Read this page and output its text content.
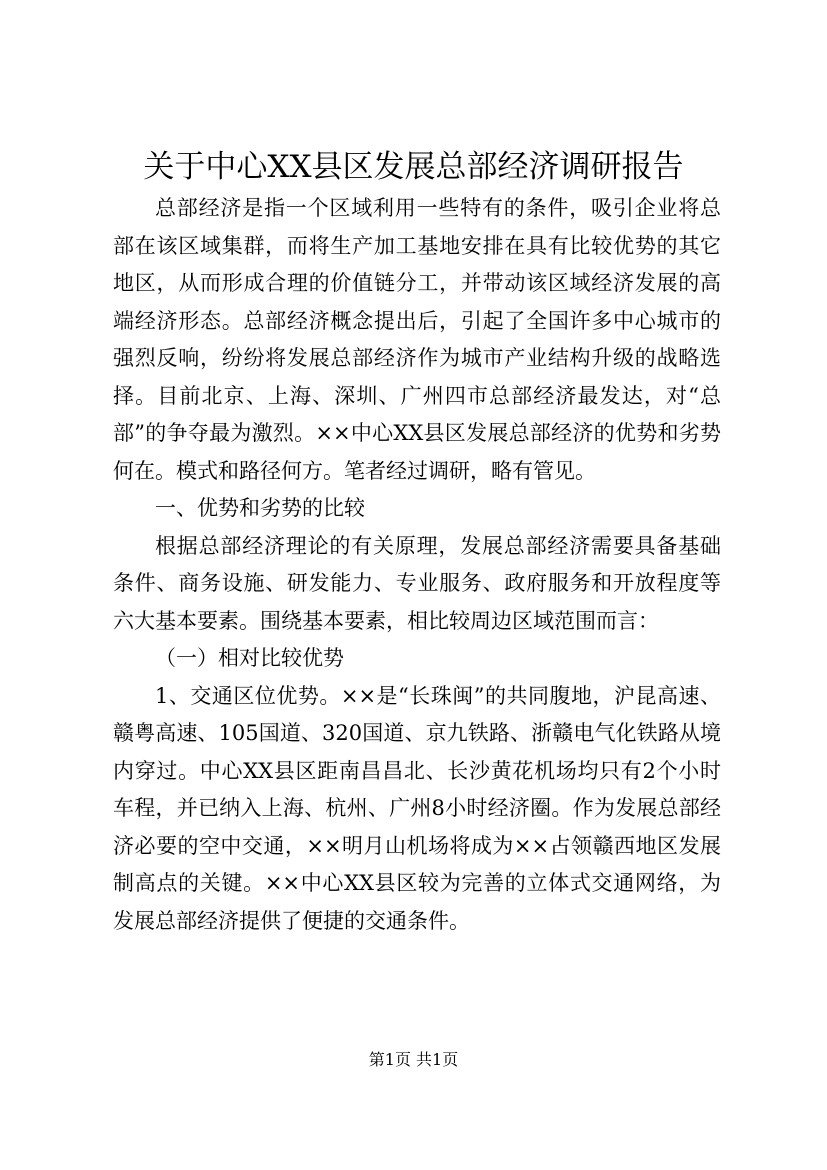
关于中心XX县区发展总部经济调研报告

总部经济是指一个区域利用一些特有的条件，吸引企业将总部在该区域集群，而将生产加工基地安排在具有比较优势的其它地区，从而形成合理的价值链分工，并带动该区域经济发展的高端经济形态。总部经济概念提出后，引起了全国许多中心城市的强烈反响，纷纷将发展总部经济作为城市产业结构升级的战略选择。目前北京、上海、深圳、广州四市总部经济最发达，对“总部”的争夺最为激烈。××中心XX县区发展总部经济的优势和劣势何在。模式和路径何方。笔者经过调研，略有管见。

一、优势和劣势的比较

根据总部经济理论的有关原理，发展总部经济需要具备基础条件、商务设施、研发能力、专业服务、政府服务和开放程度等六大基本要素。围绕基本要素，相比较周边区域范围而言：

（一）相对比较优势

1、交通区位优势。××是“长珠闽”的共同腹地，沪昆高速、赣粤高速、105国道、320国道、京九铁路、浙赣电气化铁路从境内穿过。中心XX县区距南昌昌北、长沙黄花机场均只有2个小时车程，并已纳入上海、杭州、广州8小时经济圈。作为发展总部经济必要的空中交通，××明月山机场将成为××占领赣西地区发展制高点的关键。××中心XX县区较为完善的立体式交通网络，为发展总部经济提供了便捷的交通条件。

第1页 共1页
